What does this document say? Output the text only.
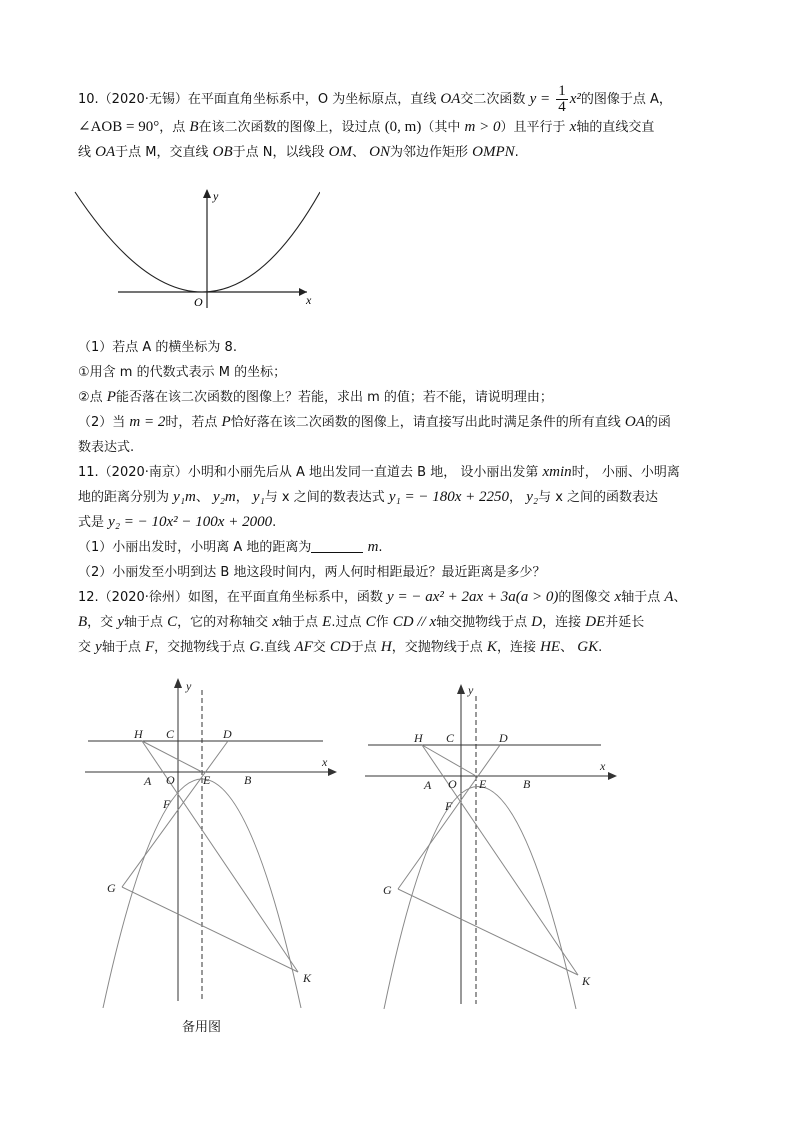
10.（2020·无锡）在平面直角坐标系中，O 为坐标原点，直线 OA交二次函数 $y = \frac{1}{4} x^2$的图像于点 A，
∠AOB = 90°，点 B在该二次函数的图像上，设过点 (0, m)（其中 m > 0）且平行于 x轴的直线交直
线 OA于点 M，交直线 OB于点 N，以线段 OM、 ON为邻边作矩形 OMPN.
y
x
O
（1）若点 A 的横坐标为 8.
①用含 m 的代数式表示 M 的坐标；
②点 P能否落在该二次函数的图像上？若能，求出 m 的值；若不能，请说明理由；
（2）当 m = 2时，若点 P恰好落在该二次函数的图像上，请直接写出此时满足条件的所有直线 OA的函
数表达式.
11.（2020·南京）小明和小丽先后从 A 地出发同一直道去 B 地， 设小丽出发第 xmin时， 小丽、小明离
地的距离分别为 y₁m、 y₂m， y₁与 x 之间的数表达式 y₁ = − 180x + 2250， y₂与 x 之间的函数表达
式是 y₂ = − 10x² − 100x + 2000.
（1）小丽出发时，小明离 A 地的距离为	m.
（2）小丽发至小明到达 B 地这段时间内，两人何时相距最近？最近距离是多少？
12.（2020·徐州）如图，在平面直角坐标系中，函数 y = − ax² + 2ax + 3a(a > 0)的图像交 x轴于点 A、
B，交 y轴于点 C，它的对称轴交 x轴于点 E.过点 C作 CD // x轴交抛物线于点 D，连接 DE并延长
交 y轴于点 F，交抛物线于点 G.直线 AF交 CD于点 H，交抛物线于点 K，连接 HE、 GK.
y
x
H C	D
A O E	B
F
G
K
y
x
H C	D
A O E	B
F
G
K
备用图
